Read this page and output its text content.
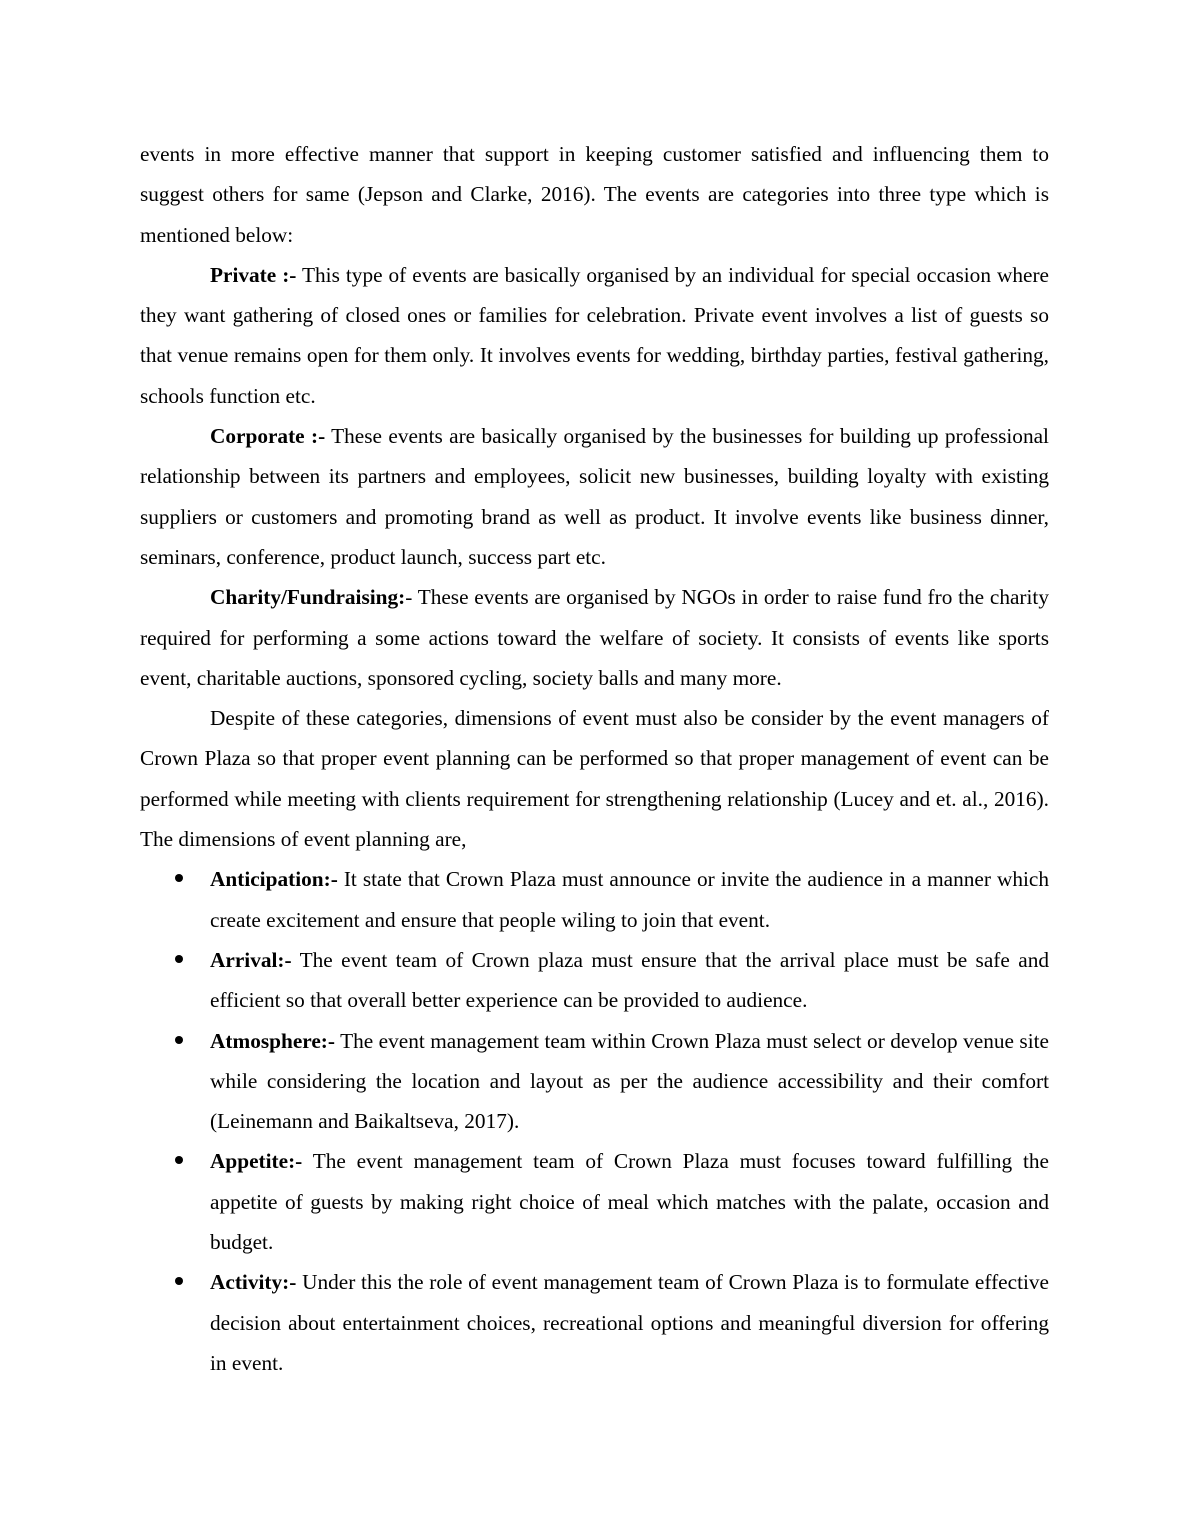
events in more effective manner that support in keeping customer satisfied and influencing them to suggest others for same (Jepson and Clarke, 2016). The events are categories into three type which is mentioned below:

Private :- This type of events are basically organised by an individual for special occasion where they want gathering of closed ones or families for celebration. Private event involves a list of guests so that venue remains open for them only. It involves events for wedding, birthday parties, festival gathering, schools function etc.

Corporate :- These events are basically organised by the businesses for building up professional relationship between its partners and employees, solicit new businesses, building loyalty with existing suppliers or customers and promoting brand as well as product. It involve events like business dinner, seminars, conference, product launch, success part etc.

Charity/Fundraising:- These events are organised by NGOs in order to raise fund fro the charity required for performing a some actions toward the welfare of society. It consists of events like sports event, charitable auctions, sponsored cycling, society balls and many more.

Despite of these categories, dimensions of event must also be consider by the event managers of Crown Plaza so that proper event planning can be performed so that proper management of event can be performed while meeting with clients requirement for strengthening relationship (Lucey and et. al., 2016). The dimensions of event planning are,

Anticipation:- It state that Crown Plaza must announce or invite the audience in a manner which create excitement and ensure that people wiling to join that event.
Arrival:- The event team of Crown plaza must ensure that the arrival place must be safe and efficient so that overall better experience can be provided to audience.
Atmosphere:- The event management team within Crown Plaza must select or develop venue site while considering the location and layout as per the audience accessibility and their comfort (Leinemann and Baikaltseva, 2017).
Appetite:- The event management team of Crown Plaza must focuses toward fulfilling the appetite of guests by making right choice of meal which matches with the palate, occasion and budget.
Activity:- Under this the role of event management team of Crown Plaza is to formulate effective decision about entertainment choices, recreational options and meaningful diversion for offering in event.
